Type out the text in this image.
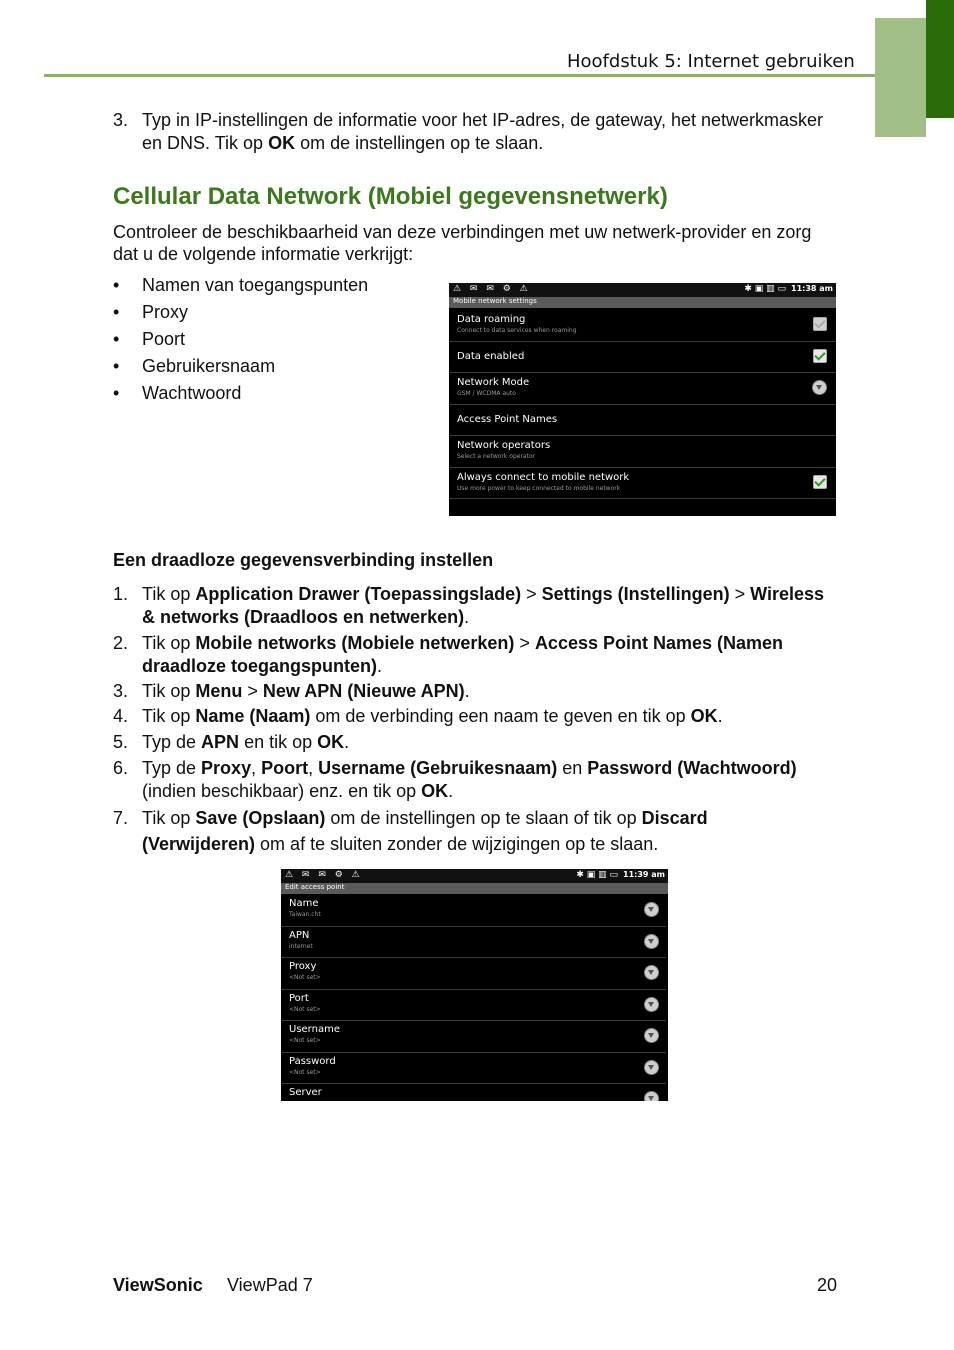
Hoofdstuk 5: Internet gebruiken
3. Typ in IP-instellingen de informatie voor het IP-adres, de gateway, het netwerkmasker en DNS. Tik op OK om de instellingen op te slaan.
Cellular Data Network (Mobiel gegevensnetwerk)
Controleer de beschikbaarheid van deze verbindingen met uw netwerk-provider en zorg dat u de volgende informatie verkrijgt:
• Namen van toegangspunten
• Proxy
• Poort
• Gebruikersnaam
• Wachtwoord
⚠ ✉ ✉ ⚙ ⚠	✱ ▣ ▥ ▭ 11:38 am
Mobile network settings
Data roaming
Connect to data services when roaming
Data enabled
Network Mode
GSM / WCDMA auto
Access Point Names
Network operators
Select a network operator
Always connect to mobile network
Use more power to keep connected to mobile network
Een draadloze gegevensverbinding instellen
1. Tik op Application Drawer (Toepassingslade) > Settings (Instellingen) > Wireless & networks (Draadloos en netwerken).
2. Tik op Mobile networks (Mobiele netwerken) > Access Point Names (Namen draadloze toegangspunten).
3. Tik op Menu > New APN (Nieuwe APN).
4. Tik op Name (Naam) om de verbinding een naam te geven en tik op OK.
5. Typ de APN en tik op OK.
6. Typ de Proxy, Poort, Username (Gebruikesnaam) en Password (Wachtwoord) (indien beschikbaar) enz. en tik op OK.
7. Tik op Save (Opslaan) om de instellingen op te slaan of tik op Discard (Verwijderen) om af te sluiten zonder de wijzigingen op te slaan.
⚠ ✉ ✉ ⚙ ⚠	✱ ▣ ▥ ▭ 11:39 am
Edit access point
Name
Taiwan.cht
APN
internet
Proxy
<Not set>
Port
<Not set>
Username
<Not set>
Password
<Not set>
Server
ViewSonic ViewPad 7	20
